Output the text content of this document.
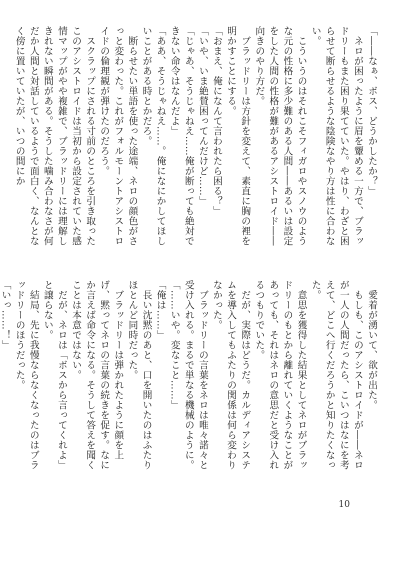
「――なぁ、ボス、どうかしたか？」

ネロが困ったように眉を顰める一方で、ブラッドリーもまた困り果てていた。やはり、わざと困らせて断らせるような陰険なやり方は性に合わない。

こういうのはそれこそフィガロやスノウのような元の性格に多少難のある人間――あるいは設定をした人間の性格が難があるアシストロイド――向きのやり方だ。

ブラッドリーは方針を変えて、素直に胸の裡を明かすことにする。

「おまえ、俺になんて言われたら困る？」

「いや、いま絶賛困ってんだけど……」

「じゃあ、そうじゃねえ……俺が断っても絶対できない命令はなんだよ」

「ああ、そうじゃねえ……。俺になにかしてほしいことがある時とかだろ。

断らせたい単語を使った途端、ネロの顔色がさっと変わった。これがフォルモーントアシストロイドの倫理観が弾けたのだろう。

スクラップにされる寸前のところを引き取ったこのアシストロイドは当初から設定されていた感情マップがやや複雑で、ブラッドリーには理解しきれない瞬間がある。そうした噛み合わなさが何だか人間と対話しているようで面白く、なんとなく傍に置いていたが、いつの間にか

愛着が湧いて、欲が出た。

もしも、このアシストロイドが――ネロが一人の人間だったら、こいつはなにを考えて、どこへ行くだろうかと知りたくなった。

意思を獲得した結果としてネロがブラッドリーのもとから離れていくようなことがあっても、それはネロの意思だと受け入れるつもりでいた。

だが、実際はどうだ。カルディアシステムを導入してもふたりの関係は何ら変わりなかった。

ブラッドリーの言葉をネロは唯々諾々と受け入れる。まるで単なる機械のように。

「……いや。変なこと……」

「俺は……」

長い沈黙のあと、口を開いたのはふたりほとんど同時だった。

ブラッドリーは弾かれたように顔を上げ、黙ってネロの言葉の続きを促す。なにか言えば命令になる。そうして答えを聞くことは本意ではない。

だが、ネロは「ボスから言ってくれよ」と譲らない。

結局、先に我慢ならなくなったのはブラッドリーのほうだった。

「いっ……！」

10
